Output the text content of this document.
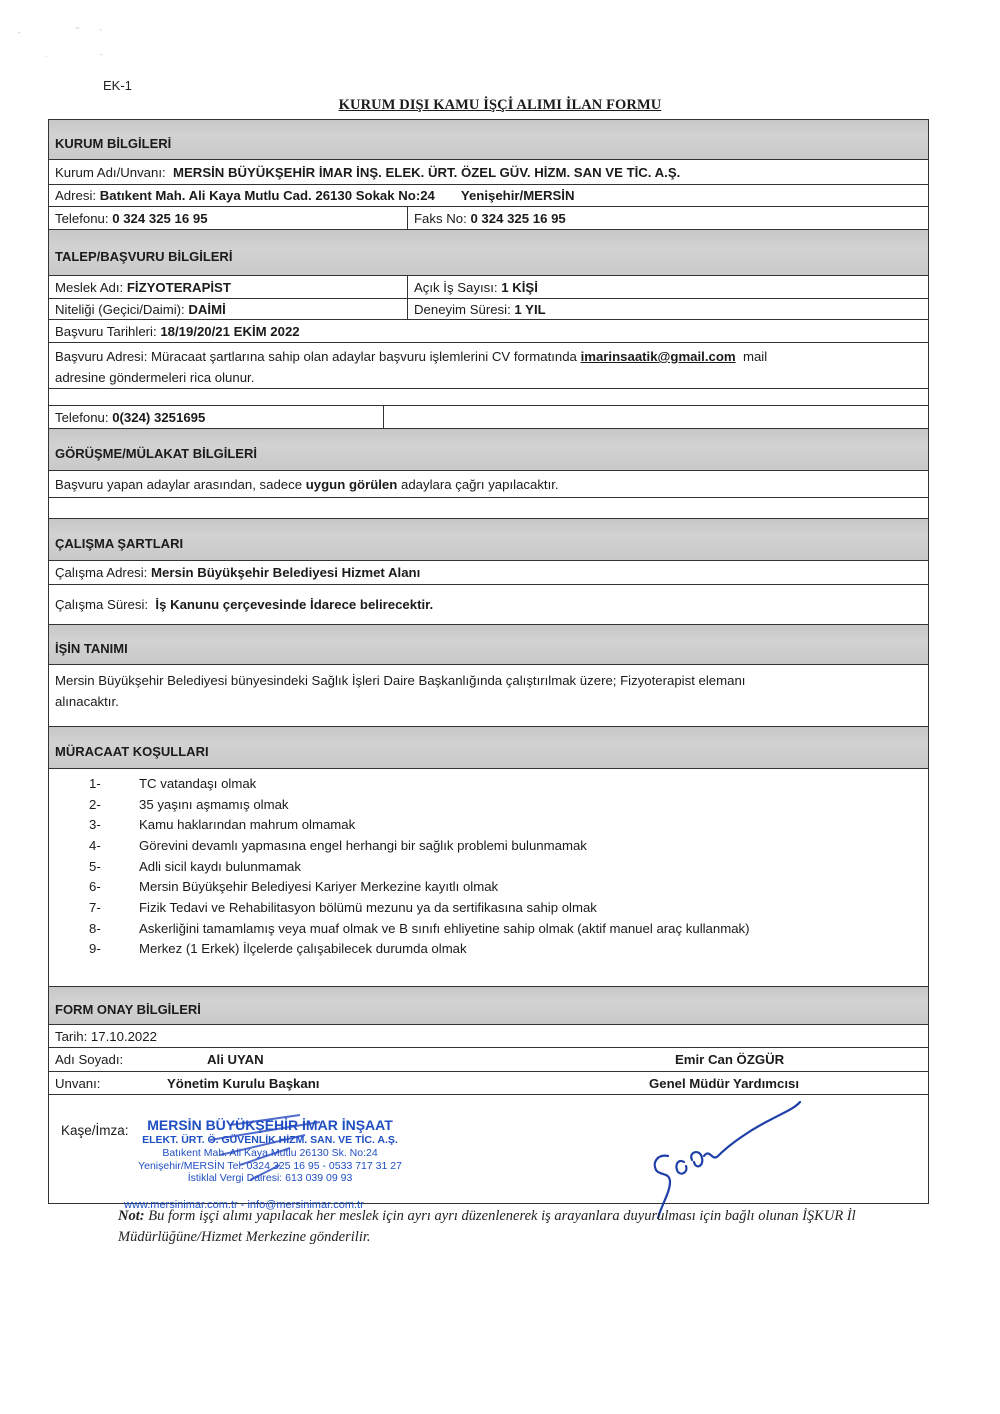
-	~	'
.	-
EK-1
KURUM DIŞI KAMU İŞÇİ ALIMI İLAN FORMU
KURUM BİLGİLERİ
Kurum Adı/Unvanı:
MERSİN BÜYÜKŞEHİR İMAR İNŞ. ELEK. ÜRT. ÖZEL GÜV. HİZM. SAN VE TİC. A.Ş.
Adresi:
Batıkent Mah. Ali Kaya Mutlu Cad. 26130 Sokak No:24 Yenişehir/MERSİN
Telefonu:
0 324 325 16 95	Faks No:
0 324 325 16 95
TALEP/BAŞVURU BİLGİLERİ
Meslek Adı:
FİZYOTERAPİST	Açık İş Sayısı:
1 KİŞİ
Niteliği (Geçici/Daimi):
DAİMİ	Deneyim Süresi:
1 YIL
Başvuru Tarihleri:
18/19/20/21 EKİM 2022
Başvuru Adresi: Müracaat şartlarına sahip olan adaylar başvuru işlemlerini CV formatında imarinsaatik@gmail.com mail
adresine göndermeleri rica olunur.
Telefonu:
0(324) 3251695
GÖRÜŞME/MÜLAKAT BİLGİLERİ
Başvuru yapan adaylar arasından, sadece
uygun görülen
adaylara çağrı yapılacaktır.
ÇALIŞMA ŞARTLARI
Çalışma Adresi:
Mersin Büyükşehir Belediyesi Hizmet Alanı
Çalışma Süresi:
İş Kanunu çerçevesinde İdarece belirecektir.
İŞİN TANIMI
Mersin Büyükşehir Belediyesi bünyesindeki Sağlık İşleri Daire Başkanlığında çalıştırılmak üzere; Fizyoterapist elemanı
alınacaktır.
MÜRACAAT KOŞULLARI
1-	TC vatandaşı olmak
2-	35 yaşını aşmamış olmak
3-	Kamu haklarından mahrum olmamak
4-	Görevini devamlı yapmasına engel herhangi bir sağlık problemi bulunmamak
5-	Adli sicil kaydı bulunmamak
6-	Mersin Büyükşehir Belediyesi Kariyer Merkezine kayıtlı olmak
7-	Fizik Tedavi ve Rehabilitasyon bölümü mezunu ya da sertifikasına sahip olmak
8-	Askerliğini tamamlamış veya muaf olmak ve B sınıfı ehliyetine sahip olmak (aktif manuel araç kullanmak)
9-	Merkez (1 Erkek) İlçelerde çalışabilecek durumda olmak
FORM ONAY BİLGİLERİ
Tarih:
17.10.2022
Adı Soyadı:	Ali UYAN	Emir Can ÖZGÜR
Unvanı:	Yönetim Kurulu Başkanı	Genel Müdür Yardımcısı
Kaşe/İmza:	MERSİN BÜYÜKŞEHİR İMAR İNŞAAT
ELEKT. ÜRT. Ö. GÜVENLİK HİZM. SAN. VE TİC. A.Ş.
Batıkent Mah. Ali Kaya Mutlu 26130 Sk. No:24
Yenişehir/MERSİN Tel: 0324 325 16 95 - 0533 717 31 27
İstiklal Vergi Dairesi: 613 039 09 93
www.mersinimar.com.tr - info@mersinimar.com.tr
Not: Bu form işçi alımı yapılacak her meslek için ayrı ayrı düzenlenerek iş arayanlara duyurulması için bağlı olunan İŞKUR İl Müdürlüğüne/Hizmet Merkezine gönderilir.
